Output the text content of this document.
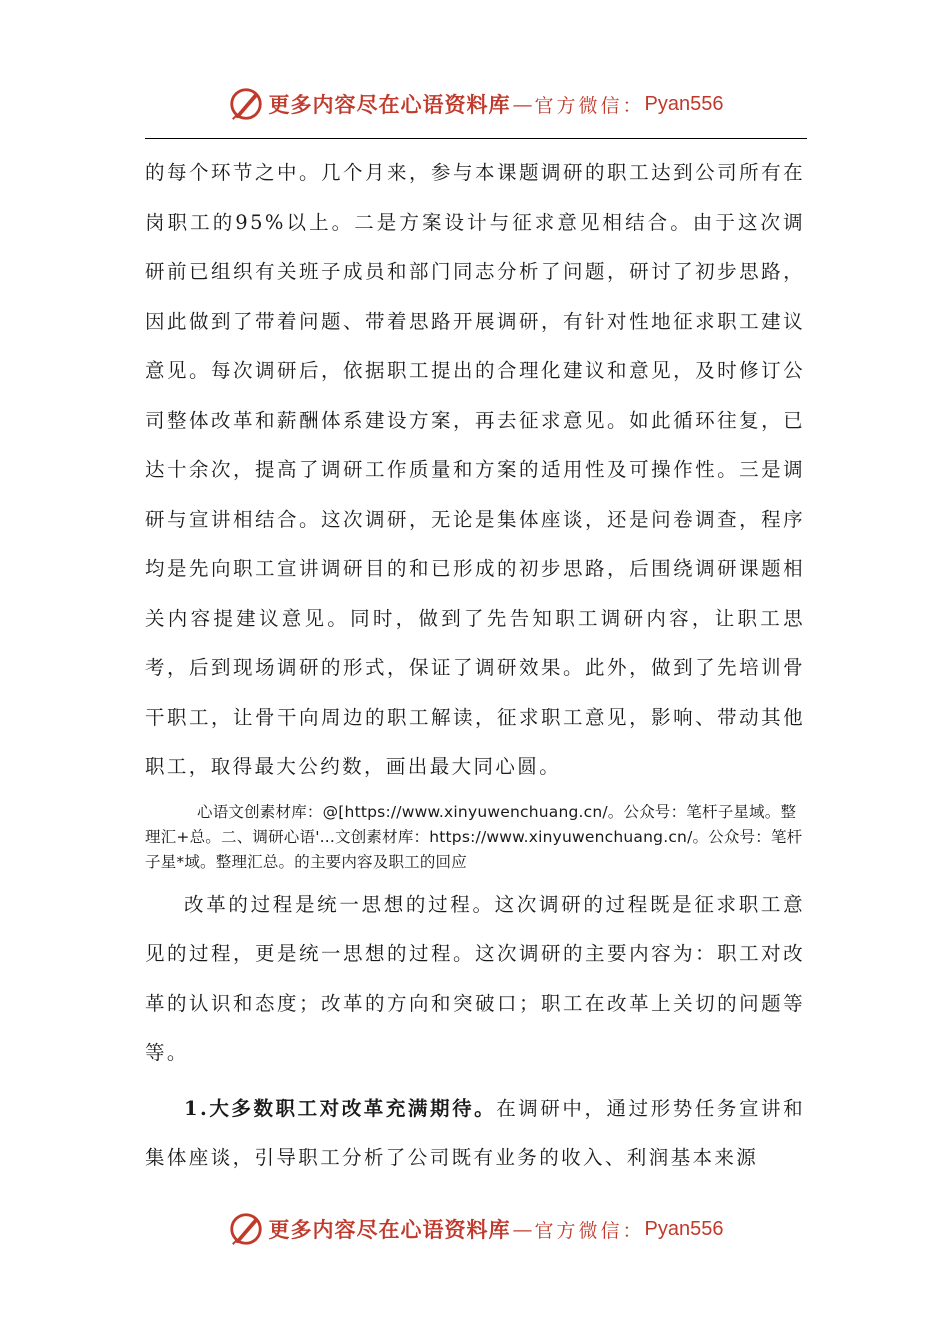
更多内容尽在心语资料库 — 官方微信： Pyan556

的每个环节之中。几个月来，参与本课题调研的职工达到公司所有在岗职工的95%以上。二是方案设计与征求意见相结合。由于这次调研前已组织有关班子成员和部门同志分析了问题，研讨了初步思路，因此做到了带着问题、带着思路开展调研，有针对性地征求职工建议意见。每次调研后，依据职工提出的合理化建议和意见，及时修订公司整体改革和薪酬体系建设方案，再去征求意见。如此循环往复，已达十余次，提高了调研工作质量和方案的适用性及可操作性。三是调研与宣讲相结合。这次调研，无论是集体座谈，还是问卷调查，程序均是先向职工宣讲调研目的和已形成的初步思路，后围绕调研课题相关内容提建议意见。同时，做到了先告知职工调研内容，让职工思考，后到现场调研的形式，保证了调研效果。此外，做到了先培训骨干职工，让骨干向周边的职工解读，征求职工意见，影响、带动其他职工，取得最大公约数，画出最大同心圆。

心语文创素材库：@[https://www.xinyuwenchuang.cn/。公众号：笔杆子星域。整理汇+总。二、调研心语'...文创素材库：https://www.xinyuwenchuang.cn/。公众号：笔杆子星*域。整理汇总。的主要内容及职工的回应

改革的过程是统一思想的过程。这次调研的过程既是征求职工意见的过程，更是统一思想的过程。这次调研的主要内容为：职工对改革的认识和态度；改革的方向和突破口；职工在改革上关切的问题等等。

1.大多数职工对改革充满期待。在调研中，通过形势任务宣讲和集体座谈，引导职工分析了公司既有业务的收入、利润基本来源

更多内容尽在心语资料库 — 官方微信： Pyan556
